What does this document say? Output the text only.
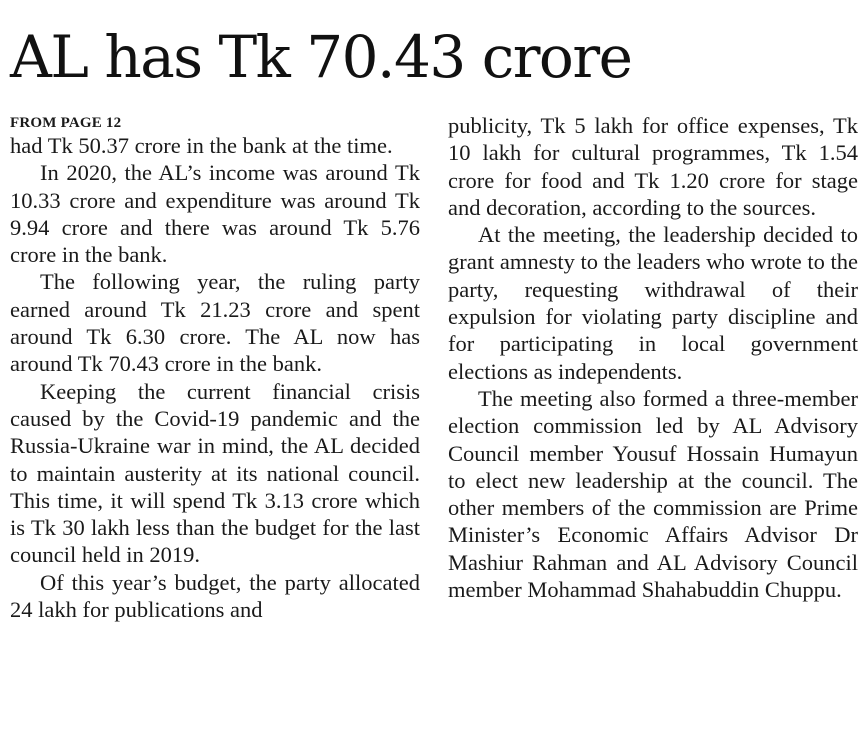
AL has Tk 70.43 crore
FROM PAGE 12

had Tk 50.37 crore in the bank at the time.

In 2020, the AL’s income was around Tk 10.33 crore and expenditure was around Tk 9.94 crore and there was around Tk 5.76 crore in the bank.

The following year, the ruling party earned around Tk 21.23 crore and spent around Tk 6.30 crore. The AL now has around Tk 70.43 crore in the bank.

Keeping the current financial crisis caused by the Covid-19 pandemic and the Russia-Ukraine war in mind, the AL decided to maintain austerity at its national council. This time, it will spend Tk 3.13 crore which is Tk 30 lakh less than the budget for the last council held in 2019.

Of this year’s budget, the party allocated 24 lakh for publications and

publicity, Tk 5 lakh for office expenses, Tk 10 lakh for cultural programmes, Tk 1.54 crore for food and Tk 1.20 crore for stage and decoration, according to the sources.

At the meeting, the leadership decided to grant amnesty to the leaders who wrote to the party, requesting withdrawal of their expulsion for violating party discipline and for participating in local government elections as independents.

The meeting also formed a three-member election commission led by AL Advisory Council member Yousuf Hossain Humayun to elect new leadership at the council. The other members of the commission are Prime Minister’s Economic Affairs Advisor Dr Mashiur Rahman and AL Advisory Council member Mohammad Shahabuddin Chuppu.
